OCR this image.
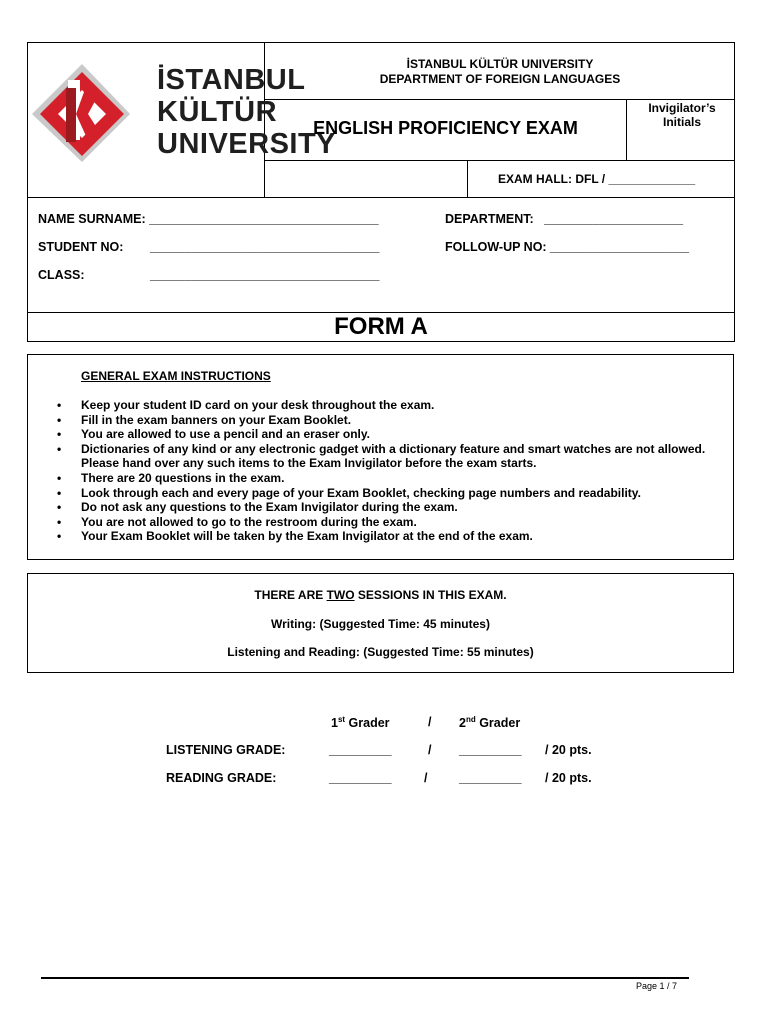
İSTANBUL
KÜLTÜR
UNIVERSITY
İSTANBUL KÜLTÜR UNIVERSITY
DEPARTMENT OF FOREIGN LANGUAGES
ENGLISH PROFICIENCY EXAM
Invigilator’s Initials
EXAM HALL: DFL / _____________
NAME SURNAME: _________________________________	DEPARTMENT:   ____________________
STUDENT NO: _________________________________	FOLLOW-UP NO: ____________________
CLASS:	_________________________________
FORM A
GENERAL EXAM INSTRUCTIONS
• Keep your student ID card on your desk throughout the exam.
• Fill in the exam banners on your Exam Booklet.
• You are allowed to use a pencil and an eraser only.
• Dictionaries of any kind or any electronic gadget with a dictionary feature and smart watches are not allowed. Please hand over any such items to the Exam Invigilator before the exam starts.
• There are 20 questions in the exam.
• Look through each and every page of your Exam Booklet, checking page numbers and readability.
• Do not ask any questions to the Exam Invigilator during the exam.
• You are not allowed to go to the restroom during the exam.
• Your Exam Booklet will be taken by the Exam Invigilator at the end of the exam.
THERE ARE TWO SESSIONS IN THIS EXAM.
Writing: (Suggested Time: 45 minutes)
Listening and Reading: (Suggested Time: 55 minutes)
1st Grader	/ 2nd Grader
LISTENING GRADE:	_________	/ _________ / 20 pts.
READING GRADE:	_________	/	_________ / 20 pts.
Page 1 / 7
